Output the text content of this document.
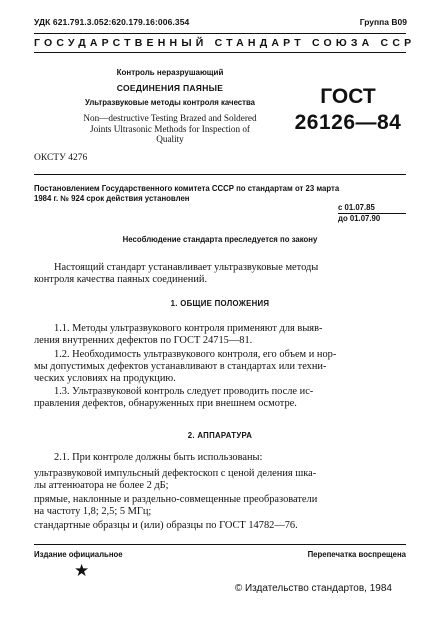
УДК 621.791.3.052:620.179.16:006.354	Группа В09
ГОСУДАРСТВЕННЫЙ СТАНДАРТ СОЮЗА ССР
Контроль неразрушающий
СОЕДИНЕНИЯ ПАЯНЫЕ
Ультразвуковые методы контроля качества
Non—destructive Testing Brazed and Soldered
Joints Ultrasonic Methods for Inspection of
Quality
ГОСТ
26126—84
ОКСТУ 4276
Постановлением Государственного комитета СССР по стандартам от 23 марта
1984 г. № 924 срок действия установлен
с 01.07.85
до 01.07.90
Несоблюдение стандарта преследуется по закону
Настоящий стандарт устанавливает ультразвуковые методы
контроля качества паяных соединений.
1. ОБЩИЕ ПОЛОЖЕНИЯ
1.1. Методы ультразвукового контроля применяют для выяв-
ления внутренних дефектов по ГОСТ 24715—81.
1.2. Необходимость ультразвукового контроля, его объем и нор-
мы допустимых дефектов устанавливают в стандартах или техни-
ческих условиях на продукцию.
1.3. Ультразвуковой контроль следует проводить после ис-
правления дефектов, обнаруженных при внешнем осмотре.
2. АППАРАТУРА
2.1. При контроле должны быть использованы:
ультразвуковой импульсный дефектоскоп с ценой деления шка-
лы аттенюатора не более 2 дБ;
прямые, наклонные и раздельно-совмещенные преобразователи
на частоту 1,8; 2,5; 5 МГц;
стандартные образцы и (или) образцы по ГОСТ 14782—76.
Издание официальное	Перепечатка воспрещена
★
© Издательство стандартов, 1984
